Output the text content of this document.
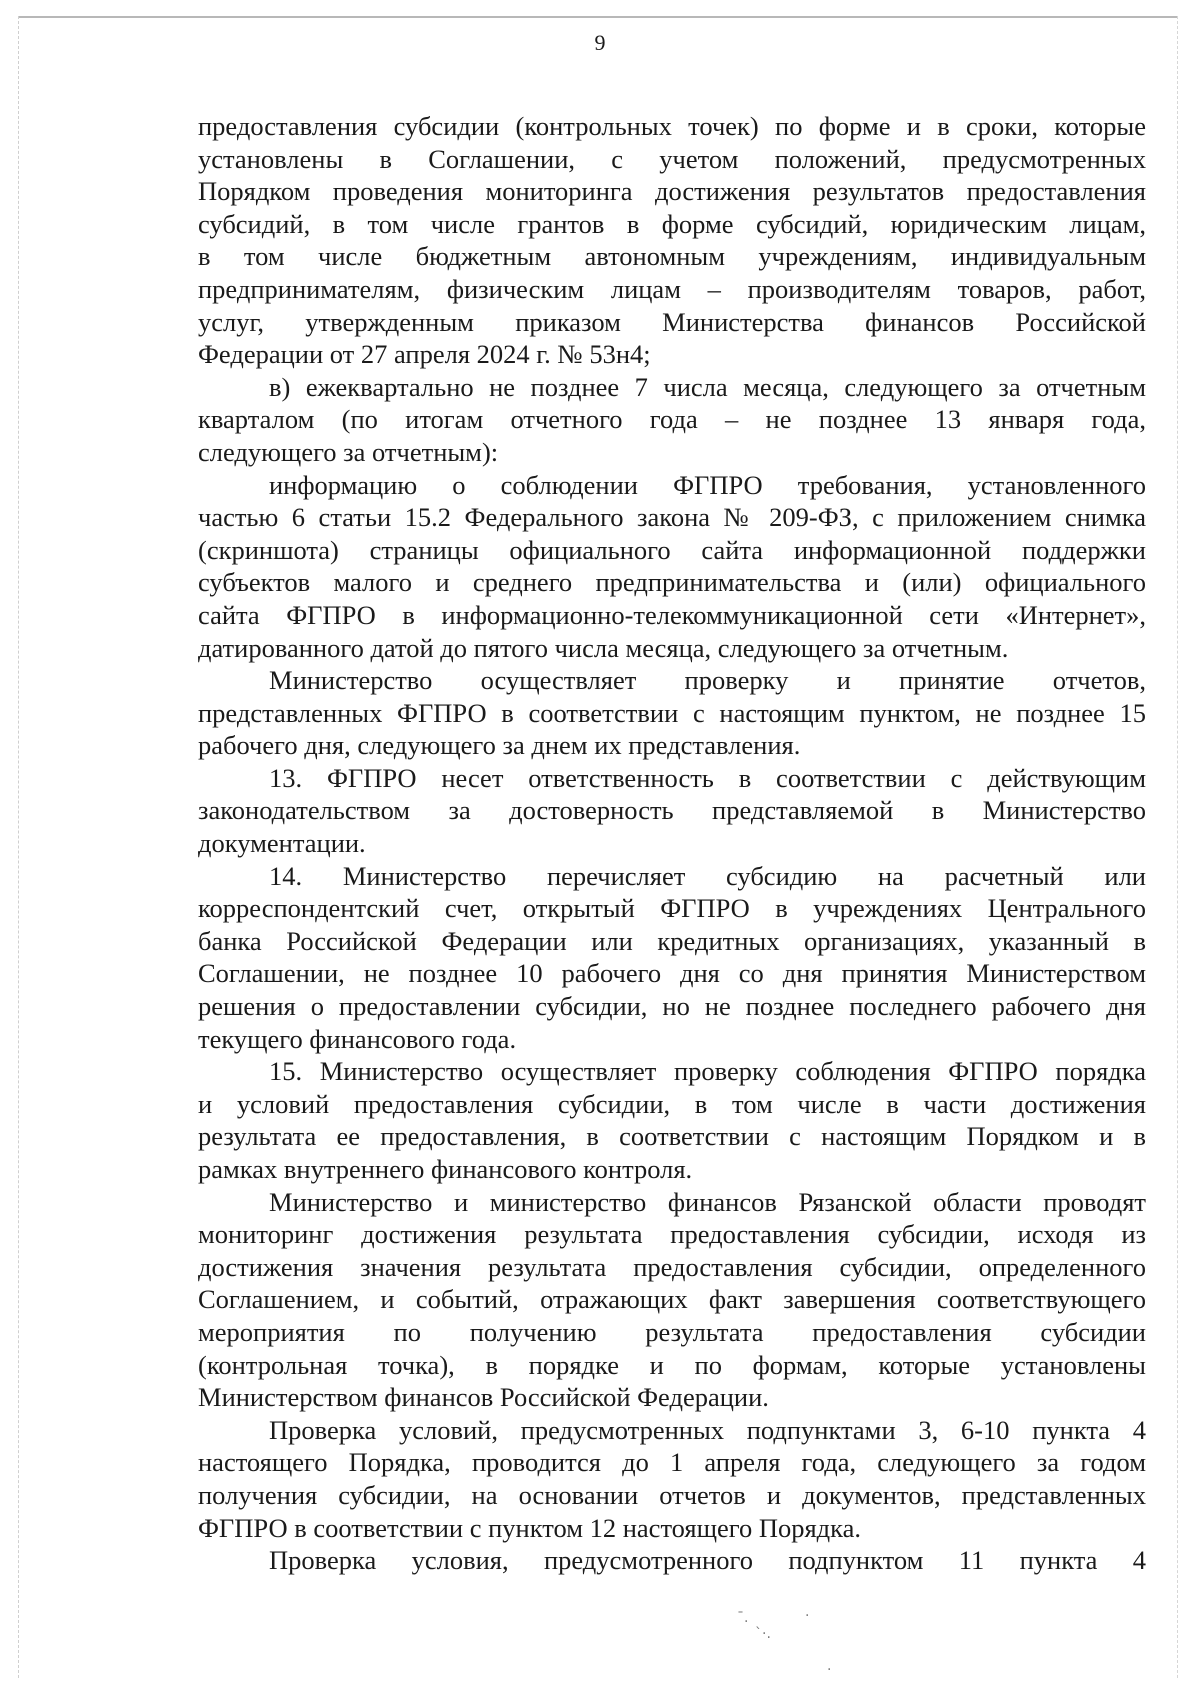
9

предоставления субсидии (контрольных точек) по форме и в сроки, которые
установлены в Соглашении, с учетом положений, предусмотренных
Порядком проведения мониторинга достижения результатов предоставления
субсидий, в том числе грантов в форме субсидий, юридическим лицам,
в том числе бюджетным автономным учреждениям, индивидуальным
предпринимателям, физическим лицам – производителям товаров, работ,
услуг, утвержденным приказом Министерства финансов Российской
Федерации от 27 апреля 2024 г. № 53н4;

в) ежеквартально не позднее 7 числа месяца, следующего за отчетным
кварталом (по итогам отчетного года – не позднее 13 января года,
следующего за отчетным):

информацию о соблюдении ФГПРО требования, установленного
частью 6 статьи 15.2 Федерального закона № 209-ФЗ, с приложением снимка
(скриншота) страницы официального сайта информационной поддержки
субъектов малого и среднего предпринимательства и (или) официального
сайта ФГПРО в информационно-телекоммуникационной сети «Интернет»,
датированного датой до пятого числа месяца, следующего за отчетным.

Министерство осуществляет проверку и принятие отчетов,
представленных ФГПРО в соответствии с настоящим пунктом, не позднее 15
рабочего дня, следующего за днем их представления.

13. ФГПРО несет ответственность в соответствии с действующим
законодательством за достоверность представляемой в Министерство
документации.

14. Министерство перечисляет субсидию на расчетный или
корреспондентский счет, открытый ФГПРО в учреждениях Центрального
банка Российской Федерации или кредитных организациях, указанный в
Соглашении, не позднее 10 рабочего дня со дня принятия Министерством
решения о предоставлении субсидии, но не позднее последнего рабочего дня
текущего финансового года.

15. Министерство осуществляет проверку соблюдения ФГПРО порядка
и условий предоставления субсидии, в том числе в части достижения
результата ее предоставления, в соответствии с настоящим Порядком и в
рамках внутреннего финансового контроля.

Министерство и министерство финансов Рязанской области проводят
мониторинг достижения результата предоставления субсидии, исходя из
достижения значения результата предоставления субсидии, определенного
Соглашением, и событий, отражающих факт завершения соответствующего
мероприятия по получению результата предоставления субсидии
(контрольная точка), в порядке и по формам, которые установлены
Министерством финансов Российской Федерации.

Проверка условий, предусмотренных подпунктами 3, 6-10 пункта 4
настоящего Порядка, проводится до 1 апреля года, следующего за годом
получения субсидии, на основании отчетов и документов, представленных
ФГПРО в соответствии с пунктом 12 настоящего Порядка.

Проверка условия, предусмотренного подпунктом 11 пункта 4

ˉ.
`·.
·
·
